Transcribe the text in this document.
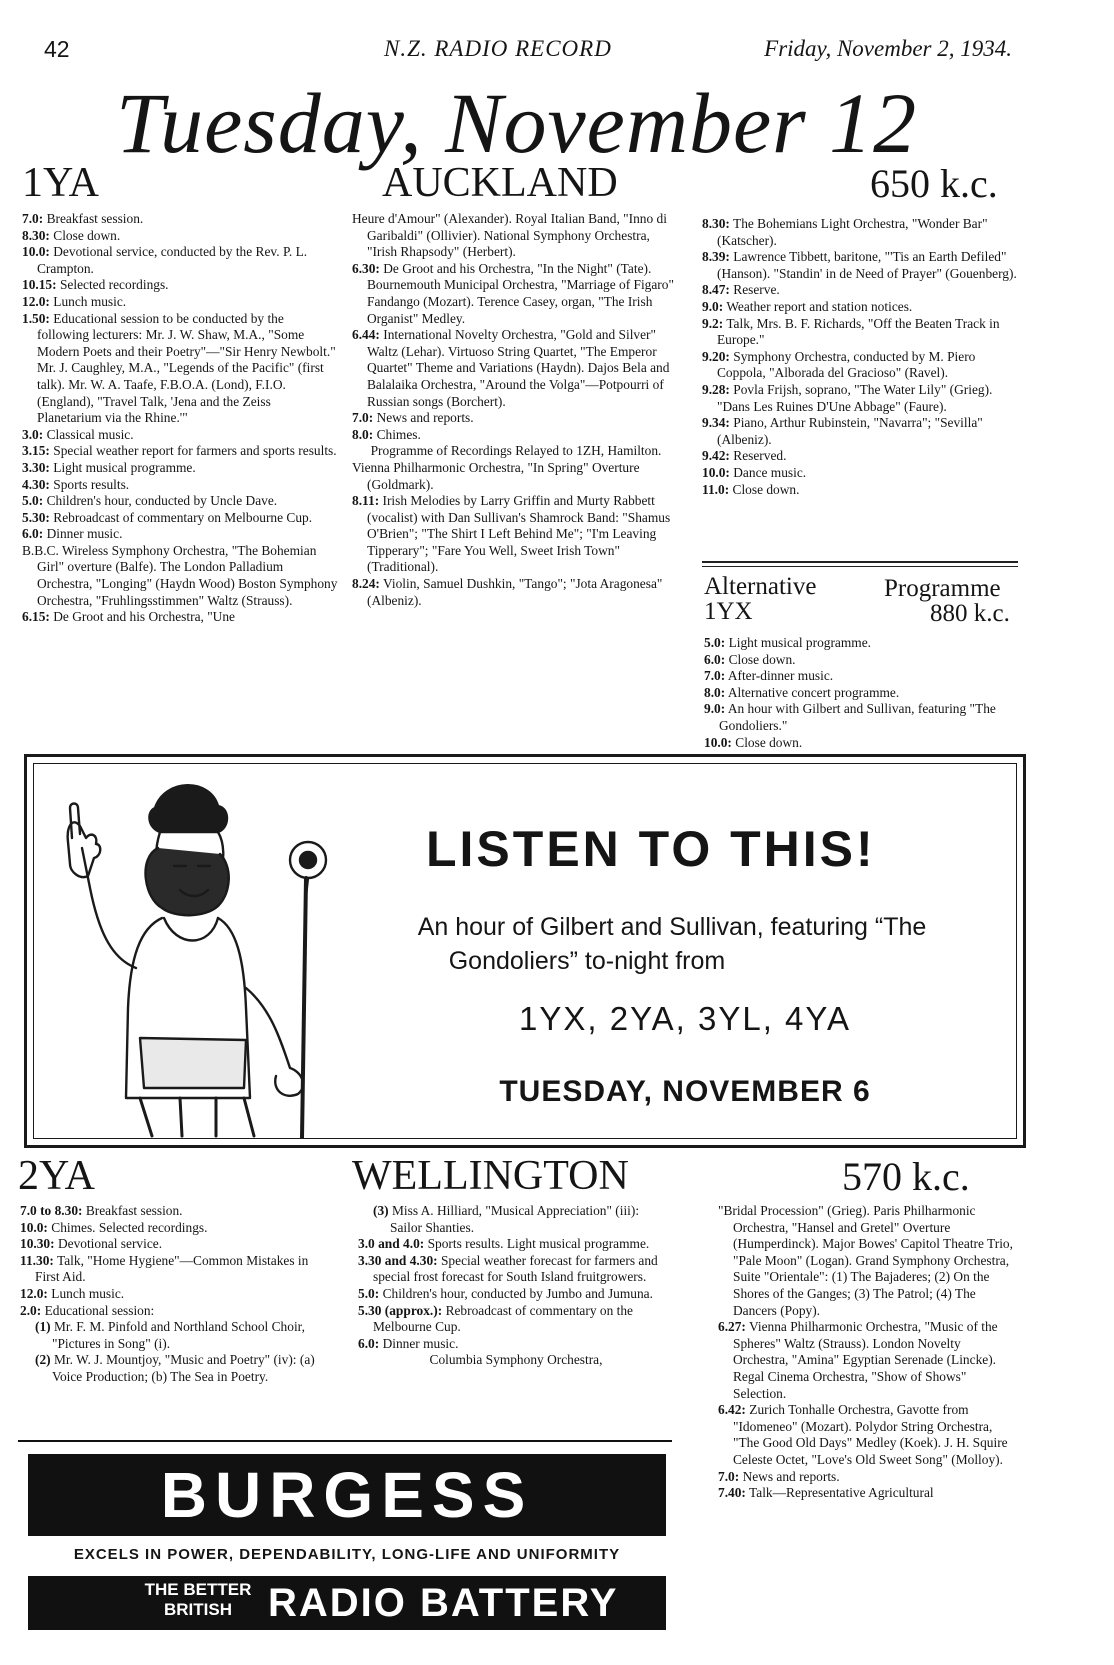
42	N.Z. RADIO RECORD	Friday, November 2, 1934.
Tuesday, November 12
1YA	AUCKLAND	650 k.c.

7.0: Breakfast session.

8.30: Close down.

10.0: Devotional service, conducted by the Rev. P. L. Crampton.

10.15: Selected recordings.

12.0: Lunch music.

1.50: Educational session to be conducted by the following lecturers: Mr. J. W. Shaw, M.A., "Some Modern Poets and their Poetry"—"Sir Henry Newbolt." Mr. J. Caughley, M.A., "Legends of the Pacific" (first talk). Mr. W. A. Taafe, F.B.O.A. (Lond), F.I.O. (England), "Travel Talk, 'Jena and the Zeiss Planetarium via the Rhine.'"

3.0: Classical music.

3.15: Special weather report for farmers and sports results.

3.30: Light musical programme.

4.30: Sports results.

5.0: Children's hour, conducted by Uncle Dave.

5.30: Rebroadcast of commentary on Melbourne Cup.

6.0: Dinner music.

B.B.C. Wireless Symphony Orchestra, "The Bohemian Girl" overture (Balfe). The London Palladium Orchestra, "Longing" (Haydn Wood) Boston Symphony Orchestra, "Fruhlingsstimmen" Waltz (Strauss).

6.15: De Groot and his Orchestra, "Une

Heure d'Amour" (Alexander). Royal Italian Band, "Inno di Garibaldi" (Ollivier). National Symphony Orchestra, "Irish Rhapsody" (Herbert).

6.30: De Groot and his Orchestra, "In the Night" (Tate). Bournemouth Municipal Orchestra, "Marriage of Figaro" Fandango (Mozart). Terence Casey, organ, "The Irish Organist" Medley.

6.44: International Novelty Orchestra, "Gold and Silver" Waltz (Lehar). Virtuoso String Quartet, "The Emperor Quartet" Theme and Variations (Haydn). Dajos Bela and Balalaika Orchestra, "Around the Volga"—Potpourri of Russian songs (Borchert).

7.0: News and reports.

8.0: Chimes.

Programme of Recordings Relayed to 1ZH, Hamilton.

Vienna Philharmonic Orchestra, "In Spring" Overture (Goldmark).

8.11: Irish Melodies by Larry Griffin and Murty Rabbett (vocalist) with Dan Sullivan's Shamrock Band: "Shamus O'Brien"; "The Shirt I Left Behind Me"; "I'm Leaving Tipperary"; "Fare You Well, Sweet Irish Town" (Traditional).

8.24: Violin, Samuel Dushkin, "Tango"; "Jota Aragonesa" (Albeniz).

8.30: The Bohemians Light Orchestra, "Wonder Bar" (Katscher).

8.39: Lawrence Tibbett, baritone, "'Tis an Earth Defiled" (Hanson). "Standin' in de Need of Prayer" (Gouenberg).

8.47: Reserve.

9.0: Weather report and station notices.

9.2: Talk, Mrs. B. F. Richards, "Off the Beaten Track in Europe."

9.20: Symphony Orchestra, conducted by M. Piero Coppola, "Alborada del Gracioso" (Ravel).

9.28: Povla Frijsh, soprano, "The Water Lily" (Grieg). "Dans Les Ruines D'Une Abbage" (Faure).

9.34: Piano, Arthur Rubinstein, "Navarra"; "Sevilla" (Albeniz).

9.42: Reserved.

10.0: Dance music.

11.0: Close down.

Alternative	Programme
1YX	880 k.c.

5.0: Light musical programme.

6.0: Close down.

7.0: After-dinner music.

8.0: Alternative concert programme.

9.0: An hour with Gilbert and Sullivan, featuring "The Gondoliers."

10.0: Close down.

LISTEN TO THIS!
An hour of Gilbert and Sullivan, featuring “The
Gondoliers” to-night from
1YX, 2YA, 3YL, 4YA
TUESDAY, NOVEMBER 6
2YA	WELLINGTON	570 k.c.

7.0 to 8.30: Breakfast session.

10.0: Chimes. Selected recordings.

10.30: Devotional service.

11.30: Talk, "Home Hygiene"—Common Mistakes in First Aid.

12.0: Lunch music.

2.0: Educational session:

(1) Mr. F. M. Pinfold and Northland School Choir, "Pictures in Song" (i).

(2) Mr. W. J. Mountjoy, "Music and Poetry" (iv): (a) Voice Production; (b) The Sea in Poetry.

(3) Miss A. Hilliard, "Musical Appreciation" (iii): Sailor Shanties.

3.0 and 4.0: Sports results. Light musical programme.

3.30 and 4.30: Special weather forecast for farmers and special frost forecast for South Island fruitgrowers.

5.0: Children's hour, conducted by Jumbo and Jumuna.

5.30 (approx.): Rebroadcast of commentary on the Melbourne Cup.

6.0: Dinner music.

Columbia Symphony Orchestra,

"Bridal Procession" (Grieg). Paris Philharmonic Orchestra, "Hansel and Gretel" Overture (Humperdinck). Major Bowes' Capitol Theatre Trio, "Pale Moon" (Logan). Grand Symphony Orchestra, Suite "Orientale": (1) The Bajaderes; (2) On the Shores of the Ganges; (3) The Patrol; (4) The Dancers (Popy).

6.27: Vienna Philharmonic Orchestra, "Music of the Spheres" Waltz (Strauss). London Novelty Orchestra, "Amina" Egyptian Serenade (Lincke). Regal Cinema Orchestra, "Show of Shows" Selection.

6.42: Zurich Tonhalle Orchestra, Gavotte from "Idomeneo" (Mozart). Polydor String Orchestra, "The Good Old Days" Medley (Koek). J. H. Squire Celeste Octet, "Love's Old Sweet Song" (Molloy).

7.0: News and reports.

7.40: Talk—Representative Agricultural

BURGESS
EXCELS IN POWER, DEPENDABILITY, LONG-LIFE AND UNIFORMITY
THE BETTER
BRITISH RADIO BATTERY
